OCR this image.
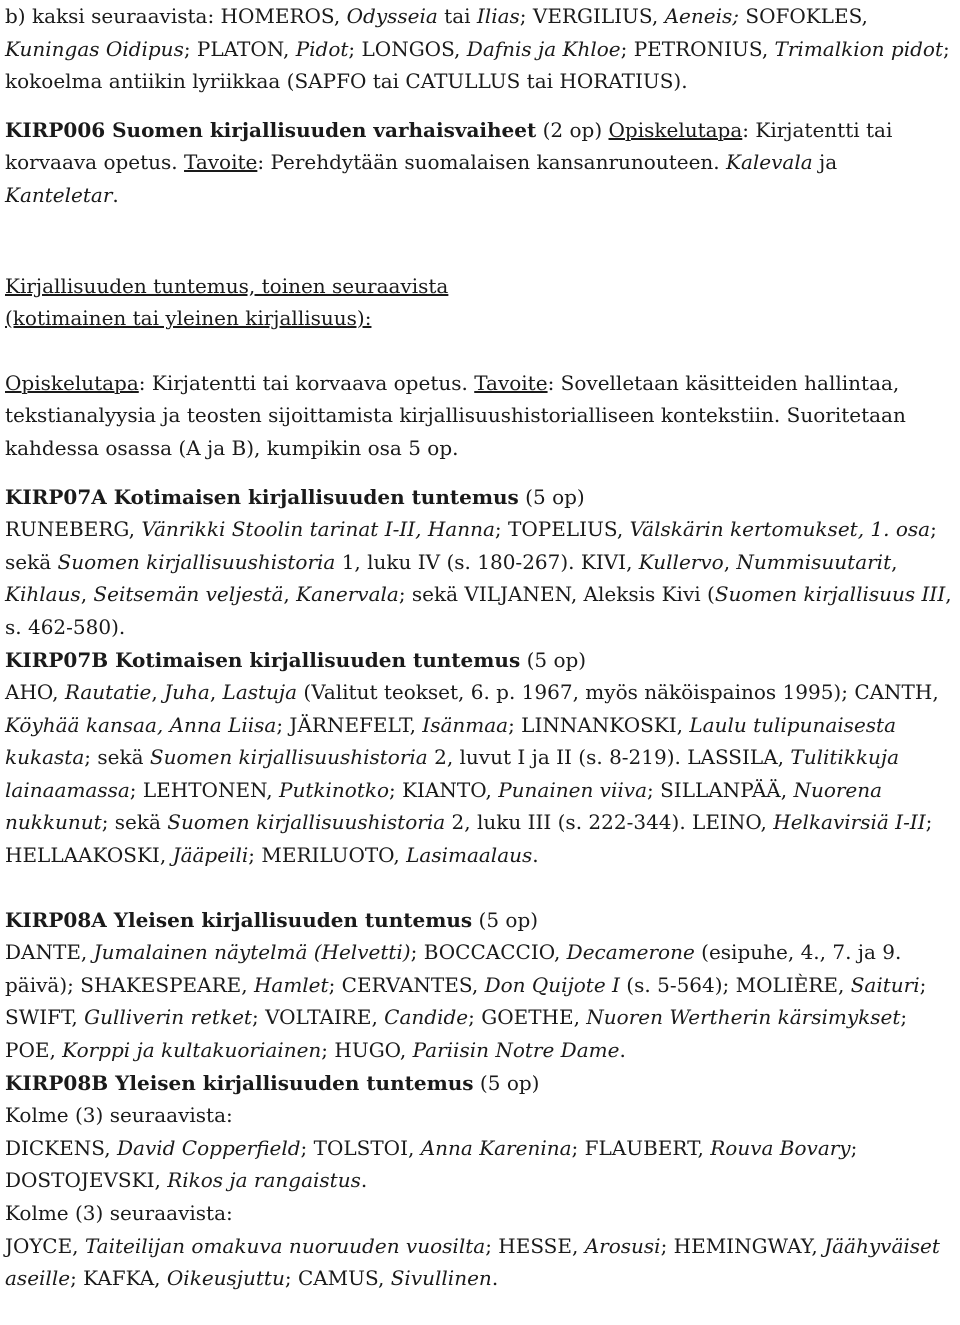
b) kaksi seuraavista: HOMEROS, Odysseia tai Ilias; VERGILIUS, Aeneis; SOFOKLES, Kuningas Oidipus; PLATON, Pidot; LONGOS, Dafnis ja Khloe; PETRONIUS, Trimalkion pidot; kokoelma antiikin lyriikkaa (SAPFO tai CATULLUS tai HORATIUS).

KIRP006 Suomen kirjallisuuden varhaisvaiheet (2 op) Opiskelutapa: Kirjatentti tai korvaava opetus. Tavoite: Perehdytään suomalaisen kansanrunouteen. Kalevala ja Kanteletar.

Kirjallisuuden tuntemus, toinen seuraavista

(kotimainen tai yleinen kirjallisuus):

Opiskelutapa: Kirjatentti tai korvaava opetus. Tavoite: Sovelletaan käsitteiden hallintaa, tekstianalyysia ja teosten sijoittamista kirjallisuushistorialliseen kontekstiin. Suoritetaan kahdessa osassa (A ja B), kumpikin osa 5 op.

KIRP07A Kotimaisen kirjallisuuden tuntemus (5 op)

RUNEBERG, Vänrikki Stoolin tarinat I-II, Hanna; TOPELIUS, Välskärin kertomukset, 1. osa; sekä Suomen kirjallisuushistoria 1, luku IV (s. 180-267). KIVI, Kullervo, Nummisuutarit, Kihlaus, Seitsemän veljestä, Kanervala; sekä VILJANEN, Aleksis Kivi (Suomen kirjallisuus III, s. 462-580).

KIRP07B Kotimaisen kirjallisuuden tuntemus (5 op)

AHO, Rautatie, Juha, Lastuja (Valitut teokset, 6. p. 1967, myös näköispainos 1995); CANTH, Köyhää kansaa, Anna Liisa; JÄRNEFELT, Isänmaa; LINNANKOSKI, Laulu tulipunaisesta kukasta; sekä Suomen kirjallisuushistoria 2, luvut I ja II (s. 8-219). LASSILA, Tulitikkuja lainaamassa; LEHTONEN, Putkinotko; KIANTO, Punainen viiva; SILLANPÄÄ, Nuorena nukkunut; sekä Suomen kirjallisuushistoria 2, luku III (s. 222-344). LEINO, Helkavirsiä I-II; HELLAAKOSKI, Jääpeili; MERILUOTO, Lasimaalaus.

KIRP08A Yleisen kirjallisuuden tuntemus (5 op)

DANTE, Jumalainen näytelmä (Helvetti); BOCCACCIO, Decamerone (esipuhe, 4., 7. ja 9. päivä); SHAKESPEARE, Hamlet; CERVANTES, Don Quijote I (s. 5-564); MOLIÈRE, Saituri; SWIFT, Gulliverin retket; VOLTAIRE, Candide; GOETHE, Nuoren Wertherin kärsimykset; POE, Korppi ja kultakuoriainen; HUGO, Pariisin Notre Dame.

KIRP08B Yleisen kirjallisuuden tuntemus (5 op)

Kolme (3) seuraavista:

DICKENS, David Copperfield; TOLSTOI, Anna Karenina; FLAUBERT, Rouva Bovary; DOSTOJEVSKI, Rikos ja rangaistus.

Kolme (3) seuraavista:

JOYCE, Taiteilijan omakuva nuoruuden vuosilta; HESSE, Arosusi; HEMINGWAY, Jäähyväiset aseille; KAFKA, Oikeusjuttu; CAMUS, Sivullinen.
